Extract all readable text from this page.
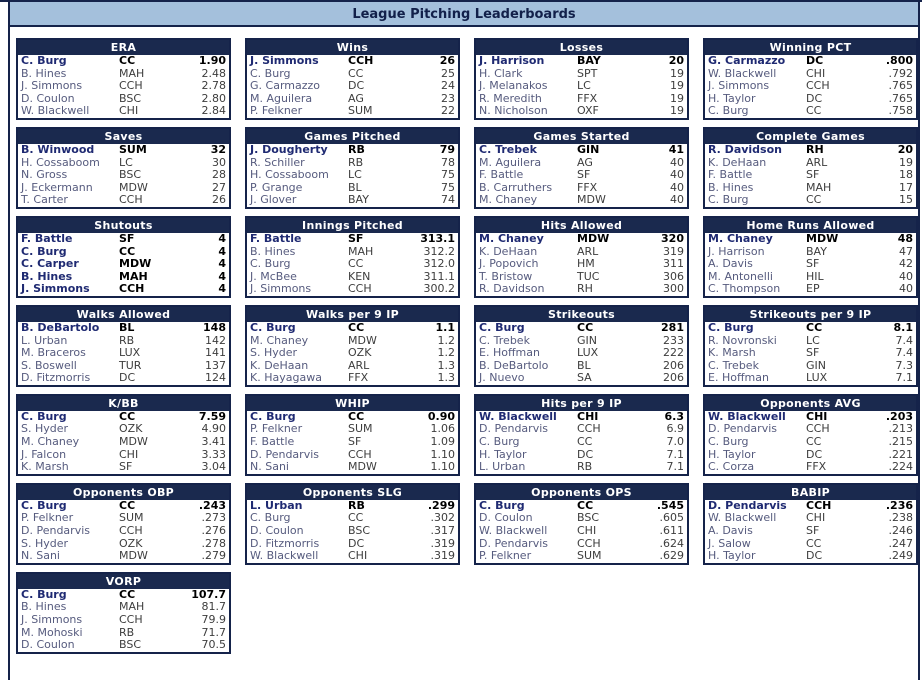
League Pitching Leaderboards
ERA
C. Burg	CC	1.90
B. Hines	MAH	2.48
J. Simmons	CCH	2.78
D. Coulon	BSC	2.80
W. Blackwell	CHI	2.84
Wins
J. Simmons	CCH	26
C. Burg	CC	25
G. Carmazzo	DC	24
M. Aguilera	AG	23
P. Felkner	SUM	22
Losses
J. Harrison	BAY	20
H. Clark	SPT	19
J. Melanakos	LC	19
R. Meredith	FFX	19
N. Nicholson	OXF	19
Winning PCT
G. Carmazzo	DC	.800
W. Blackwell	CHI	.792
J. Simmons	CCH	.765
H. Taylor	DC	.765
C. Burg	CC	.758
Saves
B. Winwood	SUM	32
H. Cossaboom	LC	30
N. Gross	BSC	28
J. Eckermann	MDW	27
T. Carter	CCH	26
Games Pitched
J. Dougherty	RB	79
R. Schiller	RB	78
H. Cossaboom	LC	75
P. Grange	BL	75
J. Glover	BAY	74
Games Started
C. Trebek	GIN	41
M. Aguilera	AG	40
F. Battle	SF	40
B. Carruthers	FFX	40
M. Chaney	MDW	40
Complete Games
R. Davidson	RH	20
K. DeHaan	ARL	19
F. Battle	SF	18
B. Hines	MAH	17
C. Burg	CC	15
Shutouts
F. Battle	SF	4
C. Burg	CC	4
C. Carper	MDW	4
B. Hines	MAH	4
J. Simmons	CCH	4
Innings Pitched
F. Battle	SF	313.1
B. Hines	MAH	312.2
C. Burg	CC	312.0
J. McBee	KEN	311.1
J. Simmons	CCH	300.2
Hits Allowed
M. Chaney	MDW	320
K. DeHaan	ARL	319
J. Popovich	HM	311
T. Bristow	TUC	306
R. Davidson	RH	300
Home Runs Allowed
M. Chaney	MDW	48
J. Harrison	BAY	47
A. Davis	SF	42
M. Antonelli	HIL	40
C. Thompson	EP	40
Walks Allowed
B. DeBartolo	BL	148
L. Urban	RB	142
M. Braceros	LUX	141
S. Boswell	TUR	137
D. Fitzmorris	DC	124
Walks per 9 IP
C. Burg	CC	1.1
M. Chaney	MDW	1.2
S. Hyder	OZK	1.2
K. DeHaan	ARL	1.3
K. Hayagawa	FFX	1.3
Strikeouts
C. Burg	CC	281
C. Trebek	GIN	233
E. Hoffman	LUX	222
B. DeBartolo	BL	206
J. Nuevo	SA	206
Strikeouts per 9 IP
C. Burg	CC	8.1
R. Novronski	LC	7.4
K. Marsh	SF	7.4
C. Trebek	GIN	7.3
E. Hoffman	LUX	7.1
K/BB
C. Burg	CC	7.59
S. Hyder	OZK	4.90
M. Chaney	MDW	3.41
J. Falcon	CHI	3.33
K. Marsh	SF	3.04
WHIP
C. Burg	CC	0.90
P. Felkner	SUM	1.06
F. Battle	SF	1.09
D. Pendarvis	CCH	1.10
N. Sani	MDW	1.10
Hits per 9 IP
W. Blackwell	CHI	6.3
D. Pendarvis	CCH	6.9
C. Burg	CC	7.0
H. Taylor	DC	7.1
L. Urban	RB	7.1
Opponents AVG
W. Blackwell	CHI	.203
D. Pendarvis	CCH	.213
C. Burg	CC	.215
H. Taylor	DC	.221
C. Corza	FFX	.224
Opponents OBP
C. Burg	CC	.243
P. Felkner	SUM	.273
D. Pendarvis	CCH	.276
S. Hyder	OZK	.278
N. Sani	MDW	.279
Opponents SLG
L. Urban	RB	.299
C. Burg	CC	.302
D. Coulon	BSC	.317
D. Fitzmorris	DC	.319
W. Blackwell	CHI	.319
Opponents OPS
C. Burg	CC	.545
D. Coulon	BSC	.605
W. Blackwell	CHI	.611
D. Pendarvis	CCH	.624
P. Felkner	SUM	.629
BABIP
D. Pendarvis	CCH	.236
W. Blackwell	CHI	.238
A. Davis	SF	.246
J. Salow	CC	.247
H. Taylor	DC	.249
VORP
C. Burg	CC	107.7
B. Hines	MAH	81.7
J. Simmons	CCH	79.9
M. Mohoski	RB	71.7
D. Coulon	BSC	70.5
